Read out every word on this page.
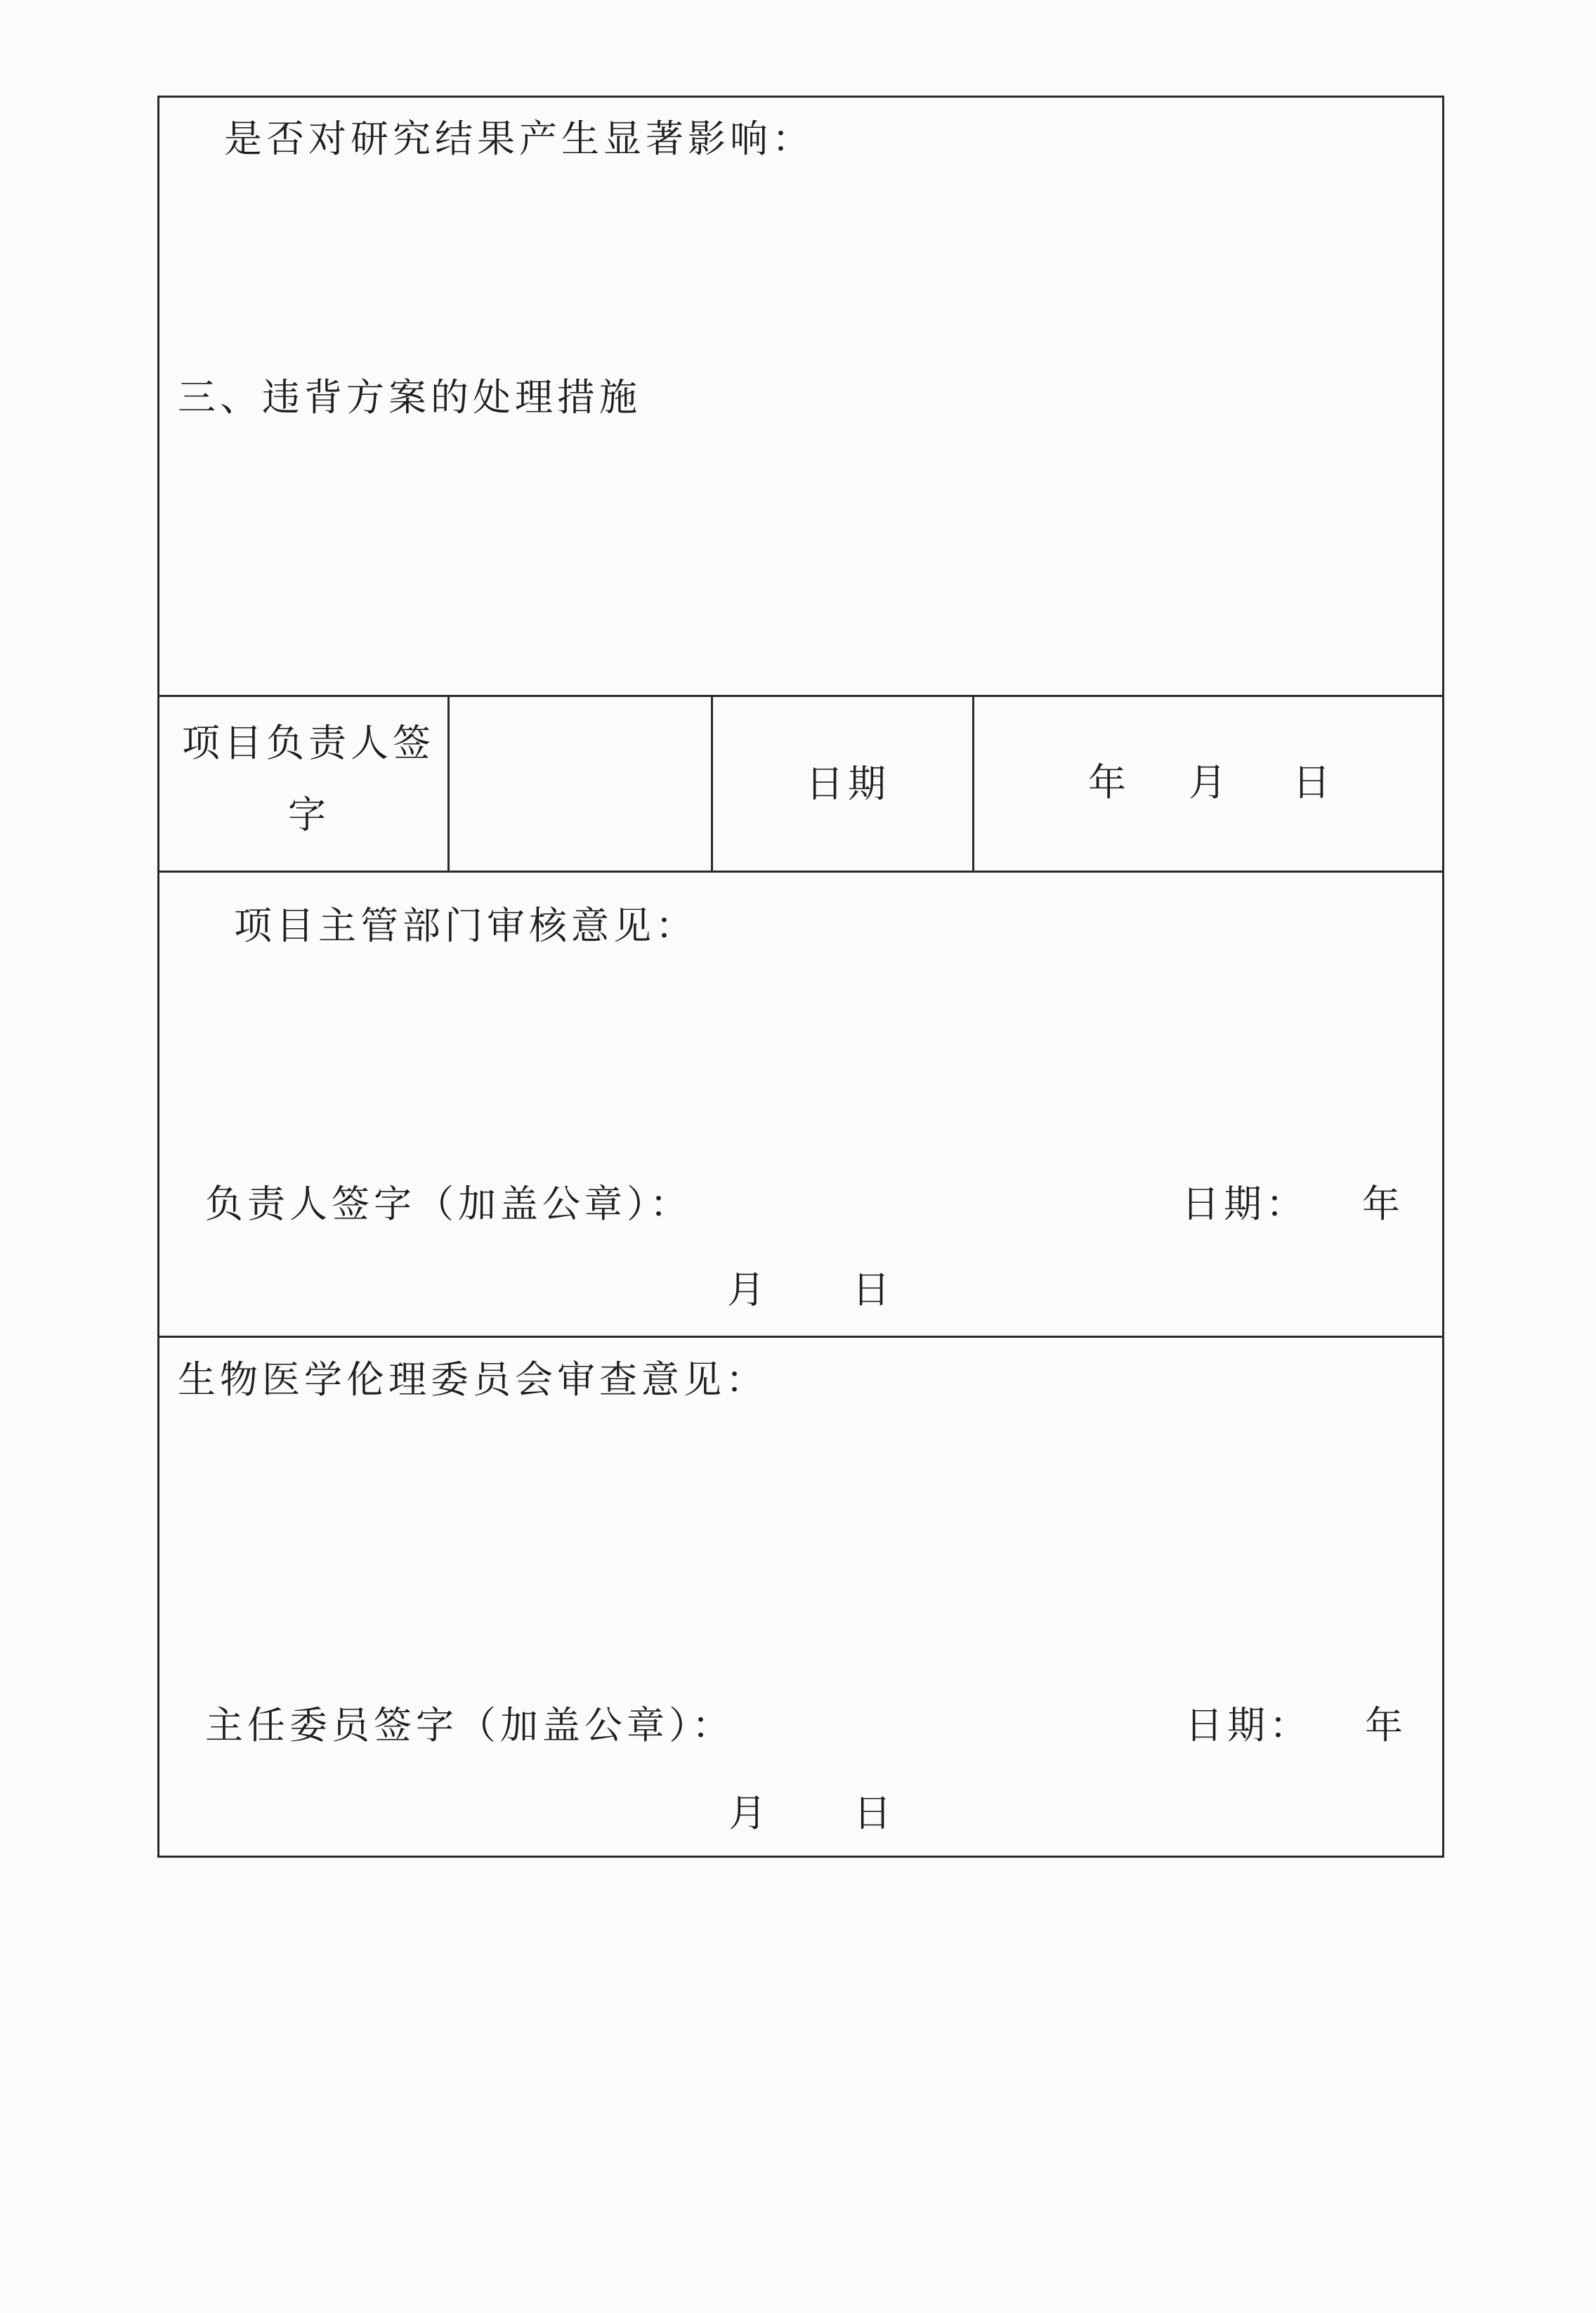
是否对研究结果产生显著影响：
三、违背方案的处理措施
项目负责人签
字
日期	年 月 日
项目主管部门审核意见：
负责人签字（加盖公章）：	日期： 年
月 日
生物医学伦理委员会审查意见：
主任委员签字（加盖公章）：	日期： 年
月 日
